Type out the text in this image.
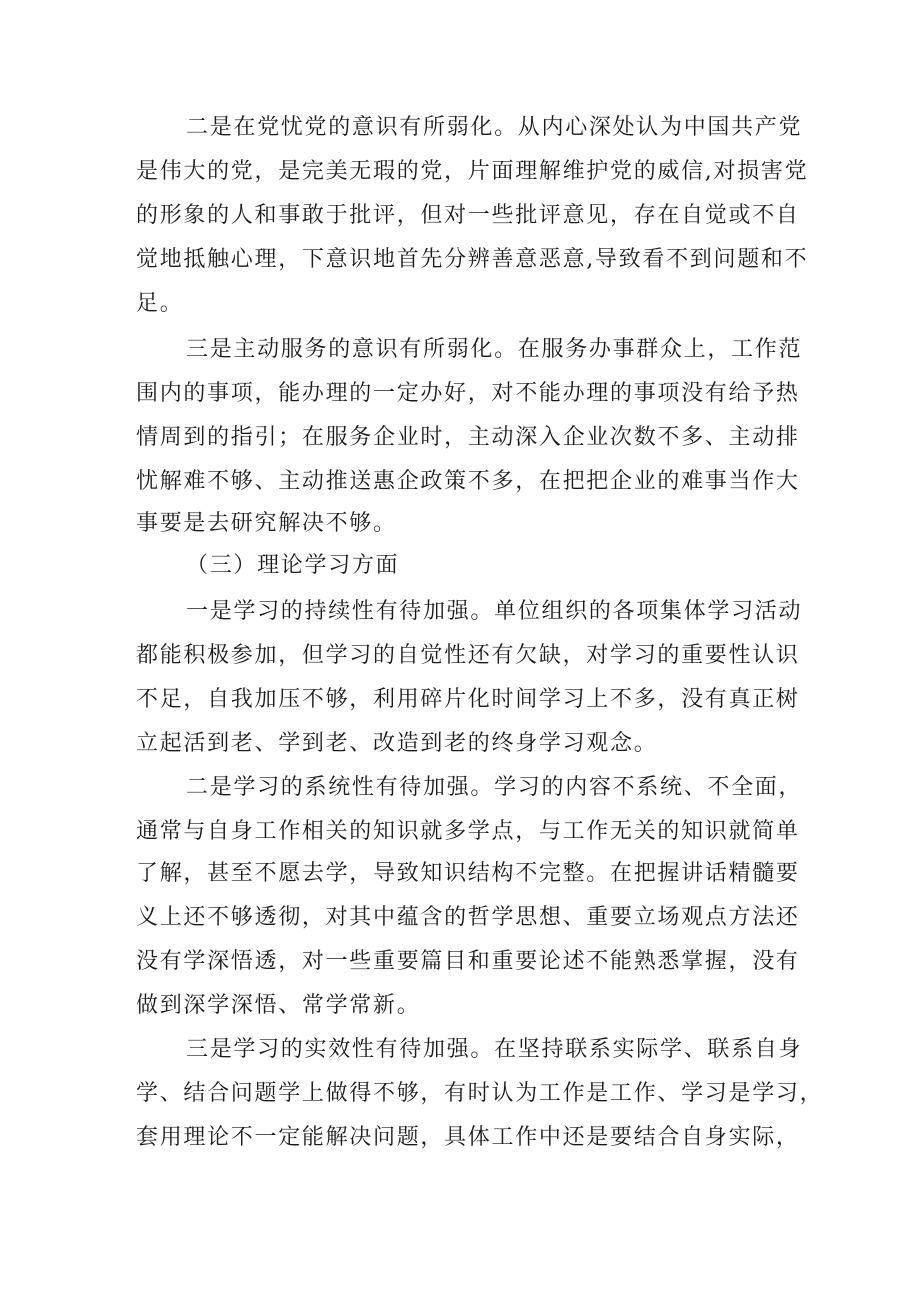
二是在党忧党的意识有所弱化。从内心深处认为中国共产党
是伟大的党，是完美无瑕的党，片面理解维护党的威信,对损害党
的形象的人和事敢于批评，但对一些批评意见，存在自觉或不自
觉地抵触心理，下意识地首先分辨善意恶意,导致看不到问题和不
足。
三是主动服务的意识有所弱化。在服务办事群众上，工作范
围内的事项，能办理的一定办好，对不能办理的事项没有给予热
情周到的指引；在服务企业时，主动深入企业次数不多、主动排
忧解难不够、主动推送惠企政策不多，在把把企业的难事当作大
事要是去研究解决不够。
（三）理论学习方面
一是学习的持续性有待加强。单位组织的各项集体学习活动
都能积极参加，但学习的自觉性还有欠缺，对学习的重要性认识
不足，自我加压不够，利用碎片化时间学习上不多，没有真正树
立起活到老、学到老、改造到老的终身学习观念。
二是学习的系统性有待加强。学习的内容不系统、不全面，
通常与自身工作相关的知识就多学点，与工作无关的知识就简单
了解，甚至不愿去学，导致知识结构不完整。在把握讲话精髓要
义上还不够透彻，对其中蕴含的哲学思想、重要立场观点方法还
没有学深悟透，对一些重要篇目和重要论述不能熟悉掌握，没有
做到深学深悟、常学常新。
三是学习的实效性有待加强。在坚持联系实际学、联系自身
学、结合问题学上做得不够，有时认为工作是工作、学习是学习，
套用理论不一定能解决问题，具体工作中还是要结合自身实际，
